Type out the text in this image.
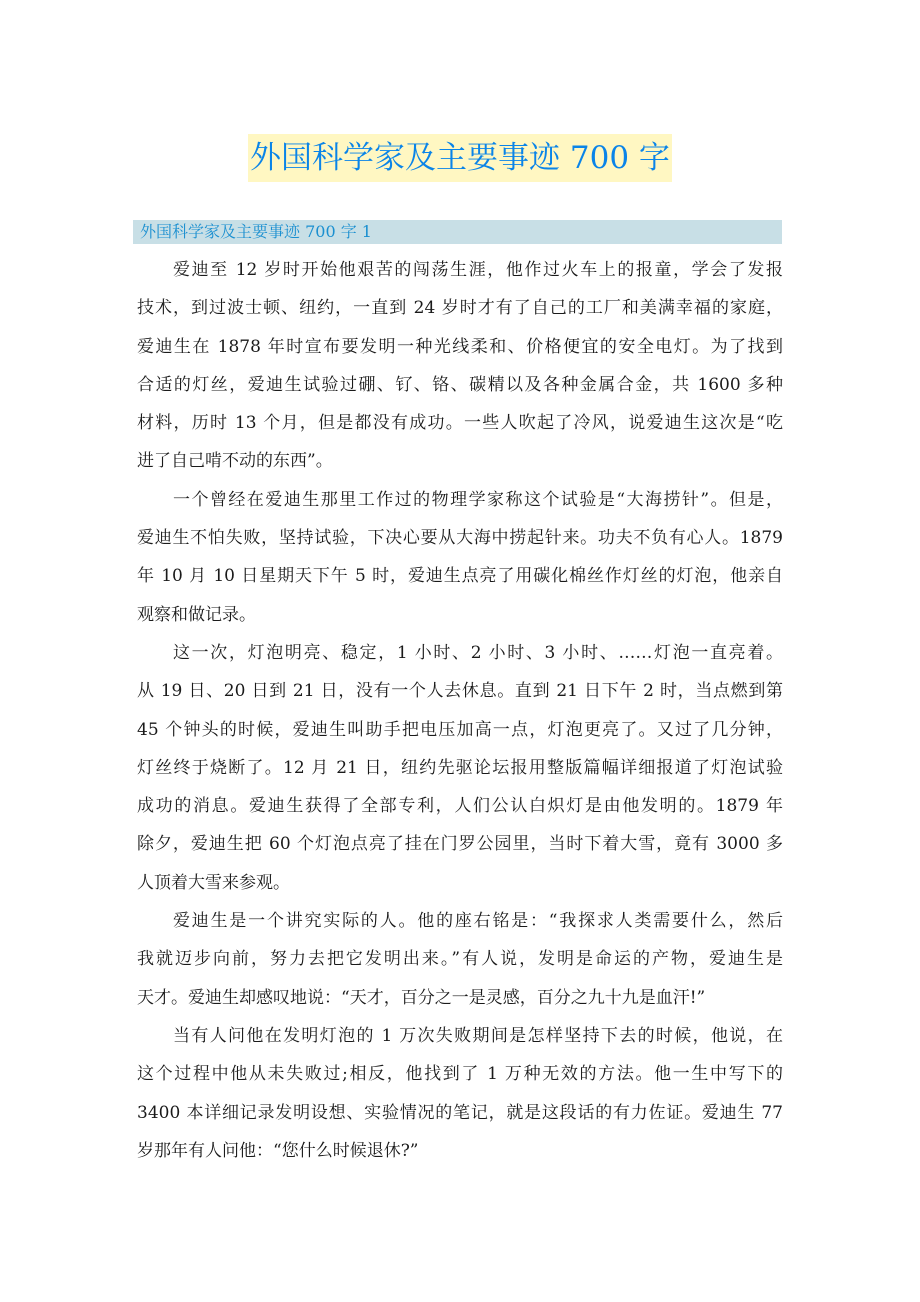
外国科学家及主要事迹 700 字
外国科学家及主要事迹 700 字 1
爱迪至 12 岁时开始他艰苦的闯荡生涯，他作过火车上的报童，学会了发报
技术，到过波士顿、纽约，一直到 24 岁时才有了自己的工厂和美满幸福的家庭，
爱迪生在 1878 年时宣布要发明一种光线柔和、价格便宜的安全电灯。为了找到
合适的灯丝，爱迪生试验过硼、钌、铬、碳精以及各种金属合金，共 1600 多种
材料，历时 13 个月，但是都没有成功。一些人吹起了冷风，说爱迪生这次是“吃
进了自己啃不动的东西”。
一个曾经在爱迪生那里工作过的物理学家称这个试验是“大海捞针”。但是，
爱迪生不怕失败，坚持试验，下决心要从大海中捞起针来。功夫不负有心人。1879
年 10 月 10 日星期天下午 5 时，爱迪生点亮了用碳化棉丝作灯丝的灯泡，他亲自
观察和做记录。
这一次，灯泡明亮、稳定，1 小时、2 小时、3 小时、……灯泡一直亮着。
从 19 日、20 日到 21 日，没有一个人去休息。直到 21 日下午 2 时，当点燃到第
45 个钟头的时候，爱迪生叫助手把电压加高一点，灯泡更亮了。又过了几分钟，
灯丝终于烧断了。12 月 21 日，纽约先驱论坛报用整版篇幅详细报道了灯泡试验
成功的消息。爱迪生获得了全部专利，人们公认白炽灯是由他发明的。1879 年
除夕，爱迪生把 60 个灯泡点亮了挂在门罗公园里，当时下着大雪，竟有 3000 多
人顶着大雪来参观。
爱迪生是一个讲究实际的人。他的座右铭是：“我探求人类需要什么，然后
我就迈步向前，努力去把它发明出来。”有人说，发明是命运的产物，爱迪生是
天才。爱迪生却感叹地说：“天才，百分之一是灵感，百分之九十九是血汗!”
当有人问他在发明灯泡的 1 万次失败期间是怎样坚持下去的时候，他说，在
这个过程中他从未失败过;相反，他找到了 1 万种无效的方法。他一生中写下的
3400 本详细记录发明设想、实验情况的笔记，就是这段话的有力佐证。爱迪生 77
岁那年有人问他：“您什么时候退休?”
